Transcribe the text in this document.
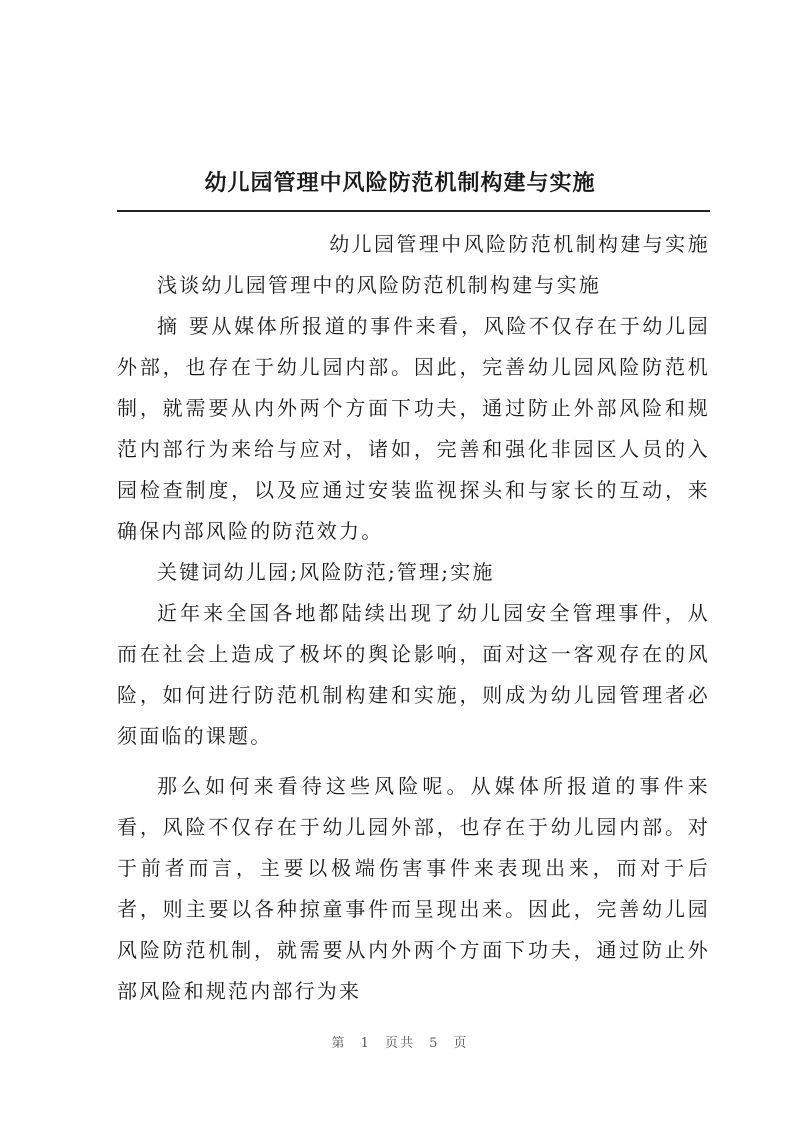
幼儿园管理中风险防范机制构建与实施

幼儿园管理中风险防范机制构建与实施

浅谈幼儿园管理中的风险防范机制构建与实施

摘 要从媒体所报道的事件来看，风险不仅存在于幼儿园外部，也存在于幼儿园内部。因此，完善幼儿园风险防范机制，就需要从内外两个方面下功夫，通过防止外部风险和规范内部行为来给与应对，诸如，完善和强化非园区人员的入园检查制度，以及应通过安装监视探头和与家长的互动，来确保内部风险的防范效力。

关键词幼儿园;风险防范;管理;实施

近年来全国各地都陆续出现了幼儿园安全管理事件，从而在社会上造成了极坏的舆论影响，面对这一客观存在的风险，如何进行防范机制构建和实施，则成为幼儿园管理者必须面临的课题。

那么如何来看待这些风险呢。从媒体所报道的事件来看，风险不仅存在于幼儿园外部，也存在于幼儿园内部。对于前者而言，主要以极端伤害事件来表现出来，而对于后者，则主要以各种掠童事件而呈现出来。因此，完善幼儿园风险防范机制，就需要从内外两个方面下功夫，通过防止外部风险和规范内部行为来

第 1 页共 5 页
